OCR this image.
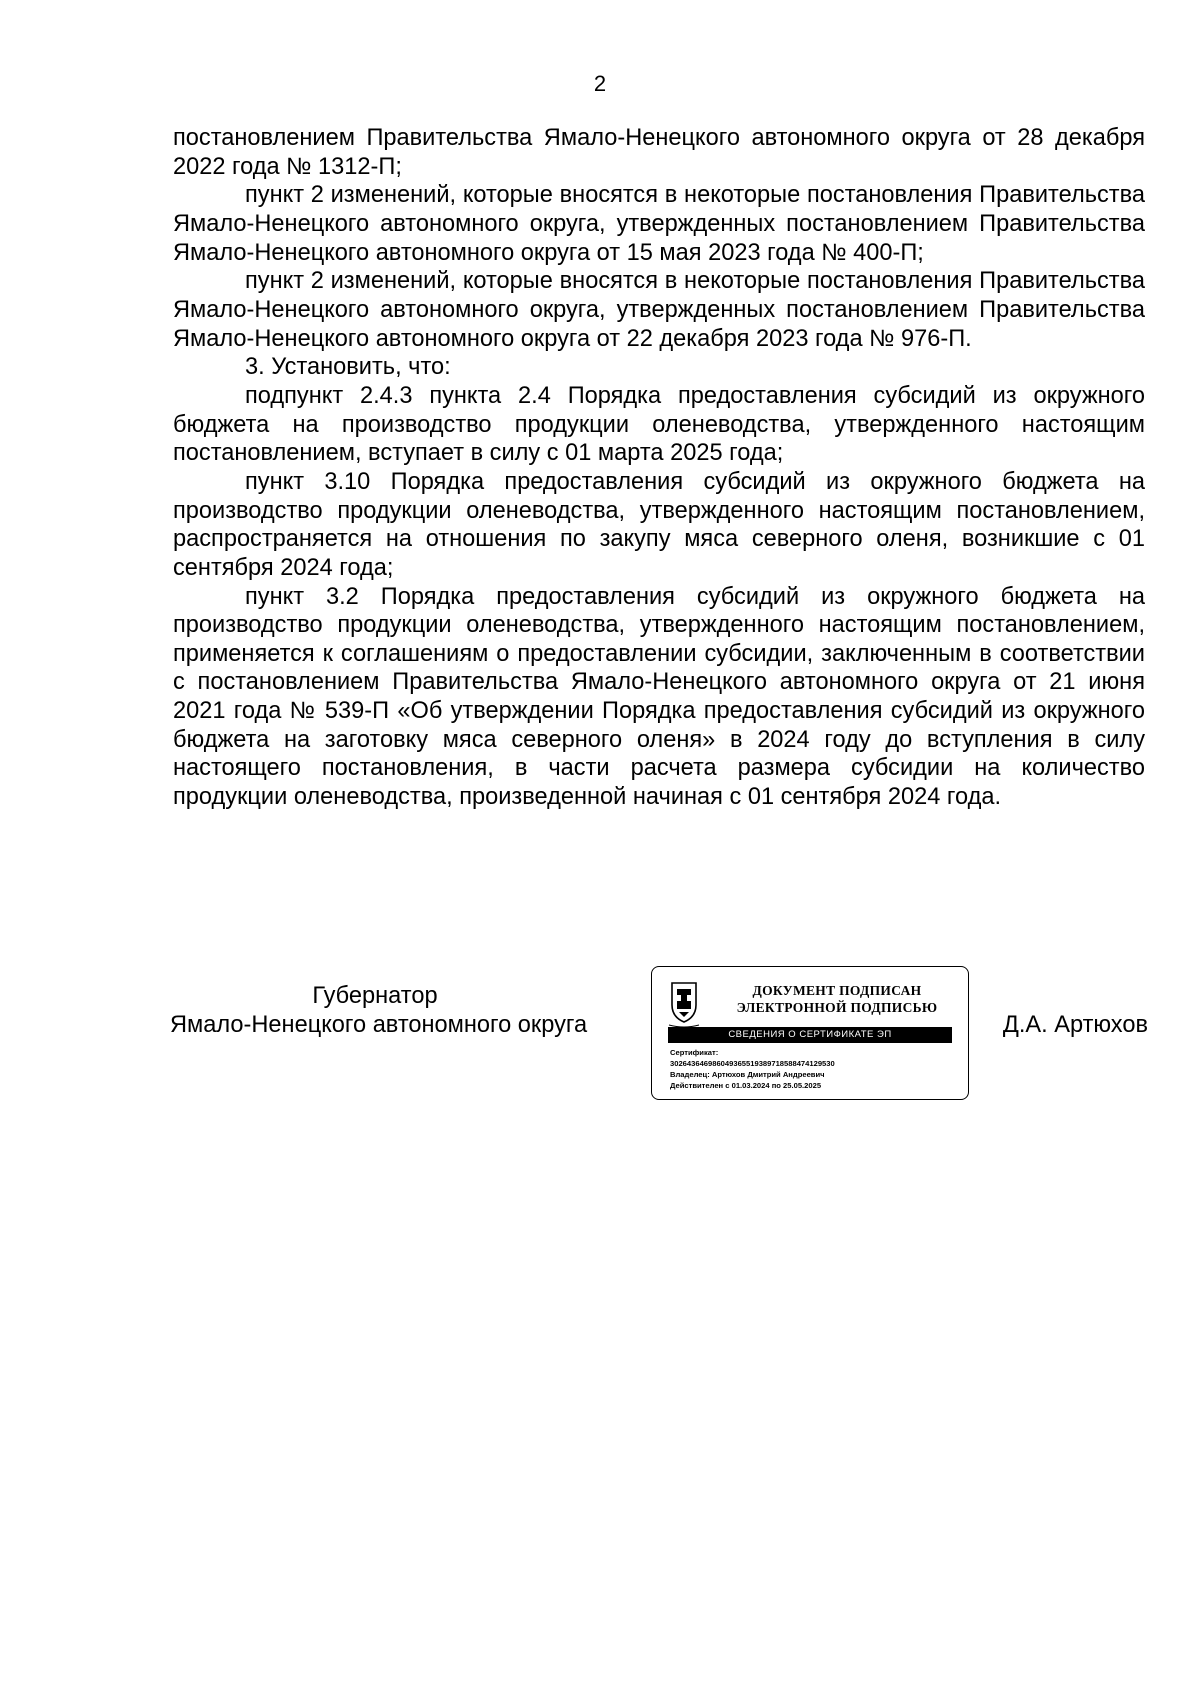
2

постановлением Правительства Ямало-Ненецкого автономного округа от 28 декабря 2022 года № 1312-П;

пункт 2 изменений, которые вносятся в некоторые постановления Правительства Ямало-Ненецкого автономного округа, утвержденных постановлением Правительства Ямало-Ненецкого автономного округа от 15 мая 2023 года № 400-П;

пункт 2 изменений, которые вносятся в некоторые постановления Правительства Ямало-Ненецкого автономного округа, утвержденных постановлением Правительства Ямало-Ненецкого автономного округа от 22 декабря 2023 года № 976-П.

3. Установить, что:

подпункт 2.4.3 пункта 2.4 Порядка предоставления субсидий из окружного бюджета на производство продукции оленеводства, утвержденного настоящим постановлением, вступает в силу с 01 марта 2025 года;

пункт 3.10 Порядка предоставления субсидий из окружного бюджета на производство продукции оленеводства, утвержденного настоящим постановлением, распространяется на отношения по закупу мяса северного оленя, возникшие с 01 сентября 2024 года;

пункт 3.2 Порядка предоставления субсидий из окружного бюджета на производство продукции оленеводства, утвержденного настоящим постановлением, применяется к соглашениям о предоставлении субсидии, заключенным в соответствии с постановлением Правительства Ямало-Ненецкого автономного округа от 21 июня 2021 года № 539-П «Об утверждении Порядка предоставления субсидий из окружного бюджета на заготовку мяса северного оленя» в 2024 году до вступления в силу настоящего постановления, в части расчета размера субсидии на количество продукции оленеводства, произведенной начиная с 01 сентября 2024 года.

Губернатор
Ямало-Ненецкого автономного округа
ДОКУМЕНТ ПОДПИСАН
ЭЛЕКТРОННОЙ ПОДПИСЬЮ
СВЕДЕНИЯ О СЕРТИФИКАТЕ ЭП
Сертификат:
302643646986049365519389718588474129530
Владелец: Артюхов Дмитрий Андреевич
Действителен с 01.03.2024 по 25.05.2025
Д.А. Артюхов
